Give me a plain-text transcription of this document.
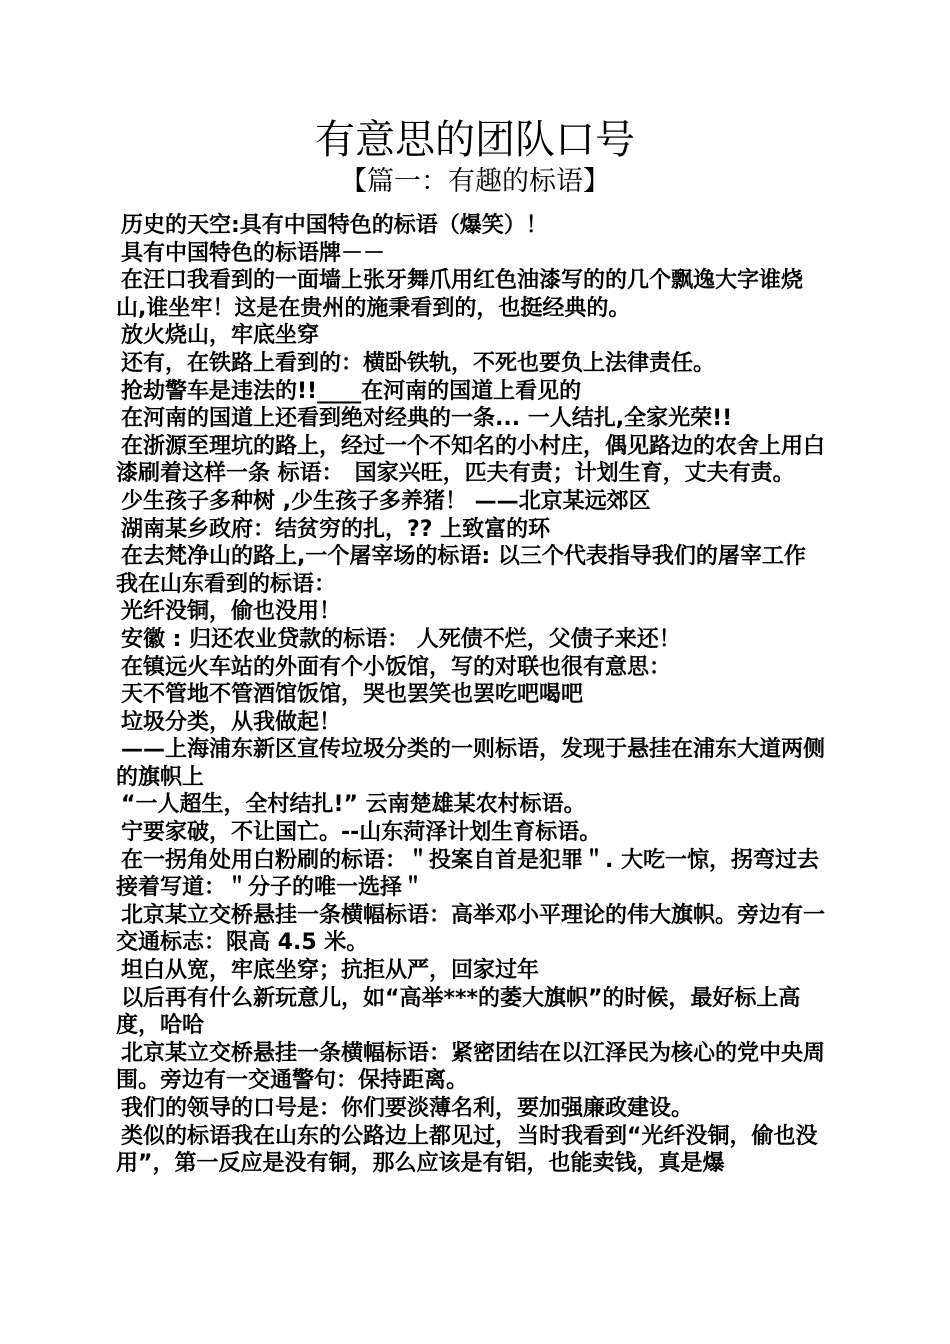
有意思的团队口号
【篇一：有趣的标语】

历史的天空:具有中国特色的标语（爆笑）！

具有中国特色的标语牌－－

在汪口我看到的一面墙上张牙舞爪用红色油漆写的的几个飘逸大字谁烧山,谁坐牢！这是在贵州的施秉看到的，也挺经典的。

放火烧山，牢底坐穿

还有，在铁路上看到的：横卧铁轨，不死也要负上法律责任。

抢劫警车是违法的!!____在河南的国道上看见的

在河南的国道上还看到绝对经典的一条... 一人结扎,全家光荣!!

在浙源至理坑的路上，经过一个不知名的小村庄，偶见路边的农舍上用白漆刷着这样一条 标语：　国家兴旺，匹夫有责；计划生育，丈夫有责。

少生孩子多种树 ,少生孩子多养猪！ ——北京某远郊区

湖南某乡政府：结贫穷的扎，?? 上致富的环

在去梵净山的路上,一个屠宰场的标语: 以三个代表指导我们的屠宰工作 我在山东看到的标语：

光纤没铜，偷也没用！

安徽 : 归还农业贷款的标语： 人死债不烂，父债子来还！

在镇远火车站的外面有个小饭馆，写的对联也很有意思：

天不管地不管酒馆饭馆，哭也罢笑也罢吃吧喝吧

垃圾分类，从我做起！

——上海浦东新区宣传垃圾分类的一则标语，发现于悬挂在浦东大道两侧的旗帜上

“一人超生，全村结扎!” 云南楚雄某农村标语。

宁要家破，不让国亡。--山东菏泽计划生育标语。

在一拐角处用白粉刷的标语：＂投案自首是犯罪＂. 大吃一惊，拐弯过去接着写道：＂分子的唯一选择＂

北京某立交桥悬挂一条横幅标语：高举邓小平理论的伟大旗帜。旁边有一交通标志：限高 4.5 米。

坦白从宽，牢底坐穿；抗拒从严，回家过年

以后再有什么新玩意儿，如“高举***的萎大旗帜”的时候，最好标上高度，哈哈

北京某立交桥悬挂一条横幅标语：紧密团结在以江泽民为核心的党中央周围。旁边有一交通警句：保持距离。

我们的领导的口号是：你们要淡薄名利，要加强廉政建设。

类似的标语我在山东的公路边上都见过，当时我看到“光纤没铜，偷也没用”，第一反应是没有铜，那么应该是有铝，也能卖钱，真是爆
